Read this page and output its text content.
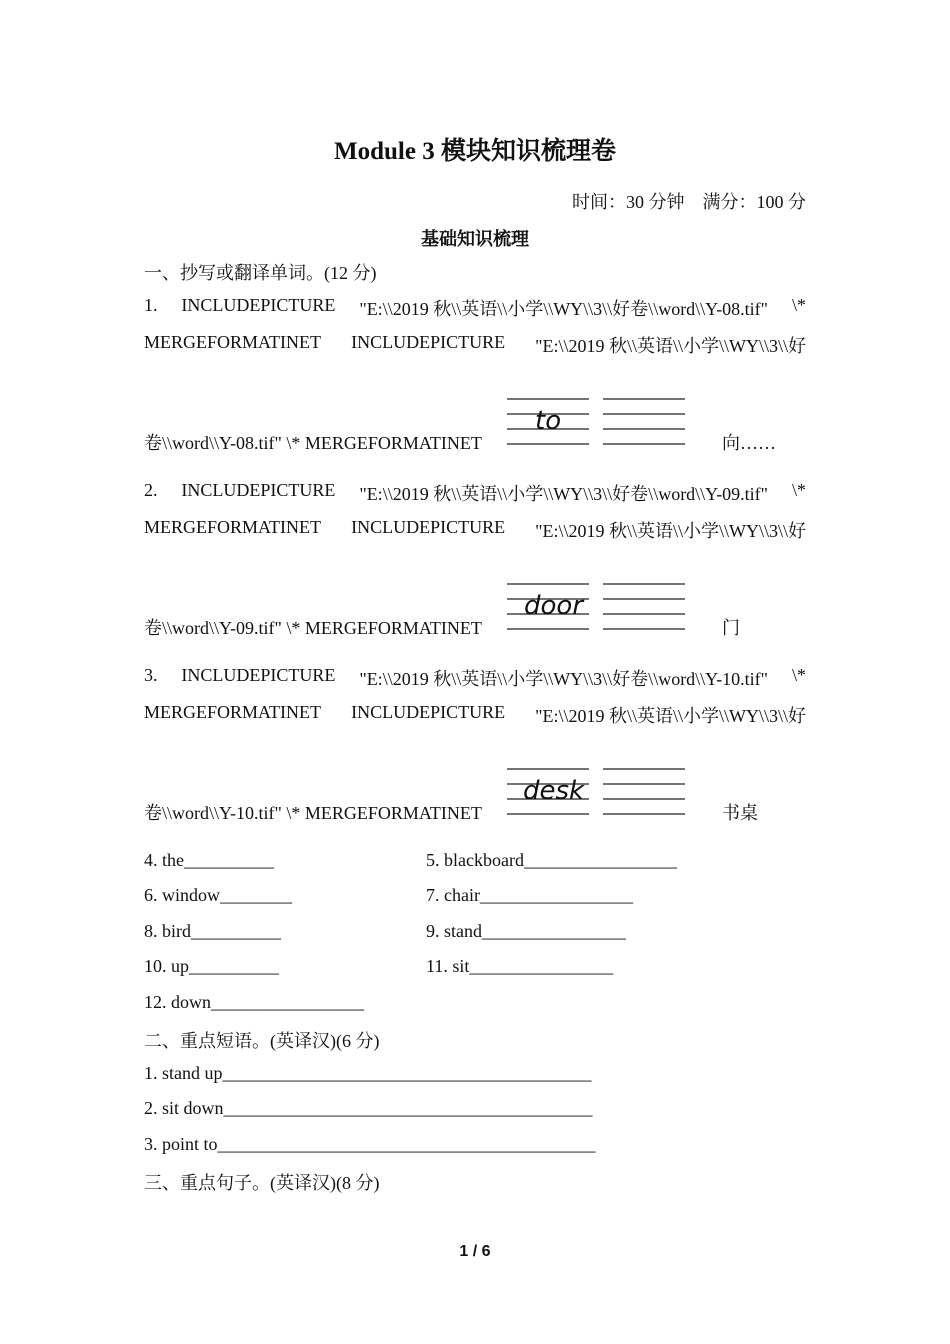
Module 3 模块知识梳理卷
时间：30 分钟    满分：100 分
基础知识梳理
一、抄写或翻译单词。(12 分)
1. INCLUDEPICTURE "E:\\2019 秋\\英语\\小学\\WY\\3\\好卷\\word\\Y-08.tif" \*
MERGEFORMATINET INCLUDEPICTURE "E:\\2019 秋\\英语\\小学\\WY\\3\\好
卷\\word\\Y-08.tif" \* MERGEFORMATINET
to
向……
2. INCLUDEPICTURE "E:\\2019 秋\\英语\\小学\\WY\\3\\好卷\\word\\Y-09.tif" \*
MERGEFORMATINET INCLUDEPICTURE "E:\\2019 秋\\英语\\小学\\WY\\3\\好
卷\\word\\Y-09.tif" \* MERGEFORMATINET
door
门
3. INCLUDEPICTURE "E:\\2019 秋\\英语\\小学\\WY\\3\\好卷\\word\\Y-10.tif" \*
MERGEFORMATINET INCLUDEPICTURE "E:\\2019 秋\\英语\\小学\\WY\\3\\好
卷\\word\\Y-10.tif" \* MERGEFORMATINET
desk
书桌
4. the__________	5. blackboard_________________
6. window________	7. chair_________________
8. bird__________	9. stand________________
10. up__________	11. sit________________
12. down_________________
二、重点短语。(英译汉)(6 分)
1. stand up_________________________________________
2. sit down_________________________________________
3. point to__________________________________________
三、重点句子。(英译汉)(8 分)
1 / 6
